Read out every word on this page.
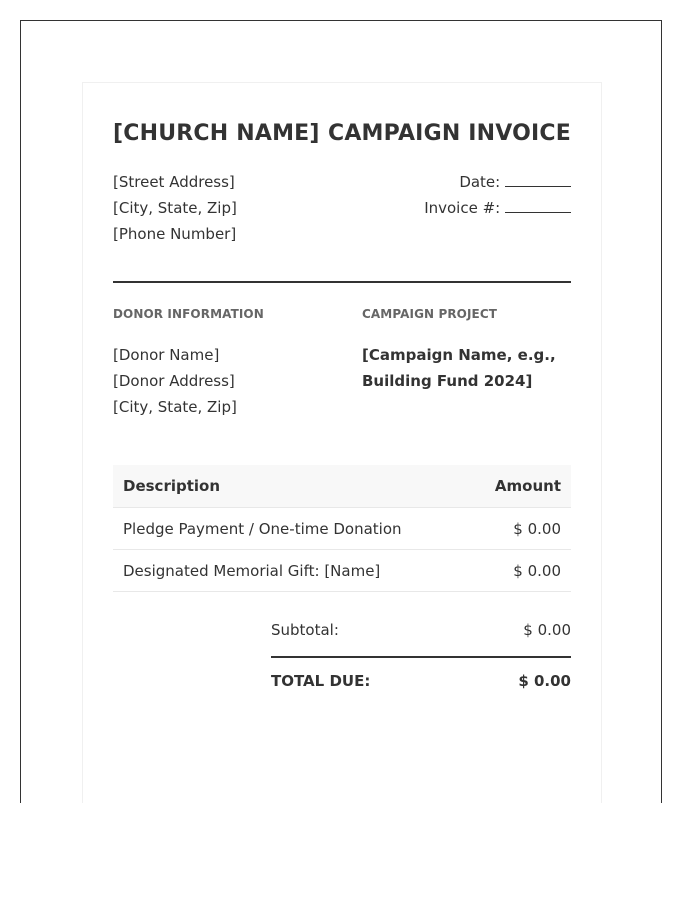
[CHURCH NAME] CAMPAIGN INVOICE
[Street Address]
[City, State, Zip]
[Phone Number]
Date:
Invoice #:
DONOR INFORMATION
[Donor Name]
[Donor Address]
[City, State, Zip]
CAMPAIGN PROJECT
[Campaign Name, e.g.,
Building Fund 2024]
Description	Amount
Pledge Payment / One-time Donation	$ 0.00
Designated Memorial Gift: [Name]	$ 0.00
Subtotal:	$ 0.00
TOTAL DUE:	$ 0.00
